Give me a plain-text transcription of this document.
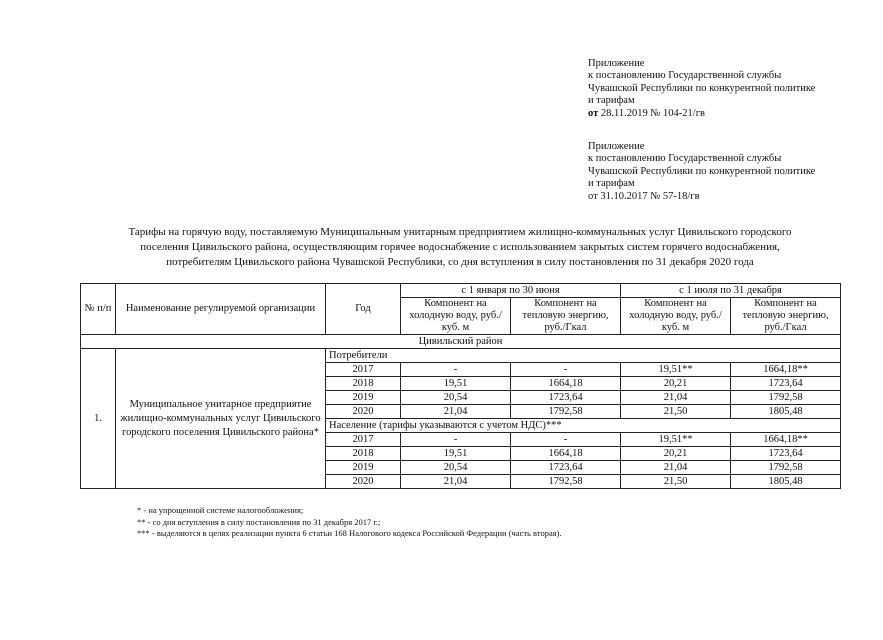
Приложение
к постановлению Государственной службы
Чувашской Республики по конкурентной политике
и тарифам
от 28.11.2019 № 104-21/гв
Приложение
к постановлению Государственной службы
Чувашской Республики по конкурентной политике
и тарифам
от 31.10.2017 № 57-18/гв
Тарифы на горячую воду, поставляемую Муниципальным унитарным предприятием жилищно-коммунальных услуг Цивильского городского
поселения Цивильского района, осуществляющим горячее водоснабжение с использованием закрытых систем горячего водоснабжения,
потребителям Цивильского района Чувашской Республики, со дня вступления в силу постановления по 31 декабря 2020 года
№ п/п	Наименование регулируемой организации	Год	с 1 января по 30 июня		с 1 июля по 31 декабря	
			Компонент на холодную воду, руб./куб. м	Компонент на тепловую энергию, руб./Гкал	Компонент на холодную воду, руб./куб. м	Компонент на тепловую энергию, руб./Гкал
Цивильский район						
1.	Муниципальное унитарное предприятие жилищно-коммунальных услуг Цивильского городского поселения Цивильского района*	Потребители				
		2017	-	-	19,51**	1664,18**
		2018	19,51	1664,18	20,21	1723,64
		2019	20,54	1723,64	21,04	1792,58
		2020	21,04	1792,58	21,50	1805,48
		Население (тарифы указываются с учетом НДС)***				
		2017	-	-	19,51**	1664,18**
		2018	19,51	1664,18	20,21	1723,64
		2019	20,54	1723,64	21,04	1792,58
		2020	21,04	1792,58	21,50	1805,48
* - на упрощенной системе налогообложения;
** - со дня вступления в силу постановления по 31 декабря 2017 г.;
*** - выделяются в целях реализации пункта 6 статьи 168 Налогового кодекса Российской Федерации (часть вторая).
